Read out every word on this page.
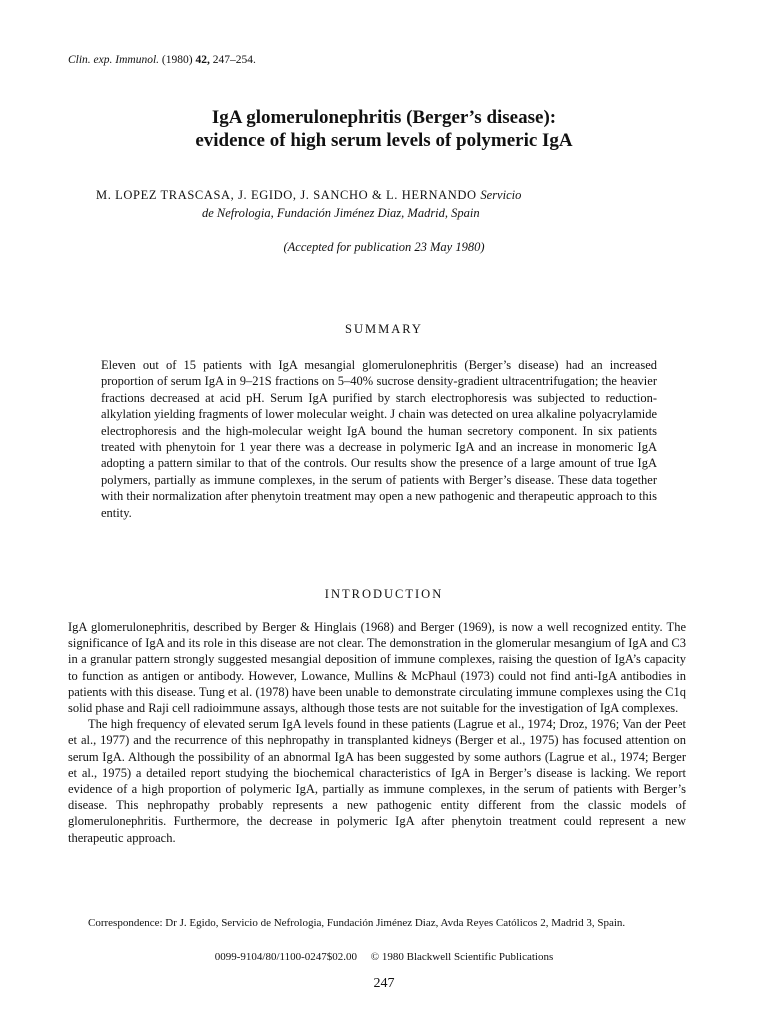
Clin. exp. Immunol. (1980) 42, 247–254.
IgA glomerulonephritis (Berger’s disease):
evidence of high serum levels of polymeric IgA
M. LOPEZ TRASCASA, J. EGIDO, J. SANCHO & L. HERNANDO Servicio
de Nefrologia, Fundación Jiménez Diaz, Madrid, Spain
(Accepted for publication 23 May 1980)
SUMMARY
Eleven out of 15 patients with IgA mesangial glomerulonephritis (Berger’s disease) had an increased proportion of serum IgA in 9–21S fractions on 5–40% sucrose density-gradient ultracentrifugation; the heavier fractions decreased at acid pH. Serum IgA purified by starch electrophoresis was subjected to reduction-alkylation yielding fragments of lower molecular weight. J chain was detected on urea alkaline polyacrylamide electrophoresis and the high-molecular weight IgA bound the human secretory component. In six patients treated with phenytoin for 1 year there was a decrease in polymeric IgA and an increase in monomeric IgA adopting a pattern similar to that of the controls. Our results show the presence of a large amount of true IgA polymers, partially as immune complexes, in the serum of patients with Berger’s disease. These data together with their normalization after phenytoin treatment may open a new pathogenic and therapeutic approach to this entity.
INTRODUCTION

IgA glomerulonephritis, described by Berger & Hinglais (1968) and Berger (1969), is now a well recognized entity. The significance of IgA and its role in this disease are not clear. The demonstration in the glomerular mesangium of IgA and C3 in a granular pattern strongly suggested mesangial deposition of immune complexes, raising the question of IgA’s capacity to function as antigen or antibody. However, Lowance, Mullins & McPhaul (1973) could not find anti-IgA antibodies in patients with this disease. Tung et al. (1978) have been unable to demonstrate circulating immune complexes using the C1q solid phase and Raji cell radioimmune assays, although those tests are not suitable for the investigation of IgA complexes.

The high frequency of elevated serum IgA levels found in these patients (Lagrue et al., 1974; Droz, 1976; Van der Peet et al., 1977) and the recurrence of this nephropathy in transplanted kidneys (Berger et al., 1975) has focused attention on serum IgA. Although the possibility of an abnormal IgA has been suggested by some authors (Lagrue et al., 1974; Berger et al., 1975) a detailed report studying the biochemical characteristics of IgA in Berger’s disease is lacking. We report evidence of a high proportion of polymeric IgA, partially as immune complexes, in the serum of patients with Berger’s disease. This nephropathy probably represents a new pathogenic entity different from the classic models of glomerulonephritis. Furthermore, the decrease in polymeric IgA after phenytoin treatment could represent a new therapeutic approach.

Correspondence: Dr J. Egido, Servicio de Nefrologia, Fundación Jiménez Diaz, Avda Reyes Católicos 2, Madrid 3, Spain.

0099-9104/80/1100-0247$02.00 © 1980 Blackwell Scientific Publications
247
